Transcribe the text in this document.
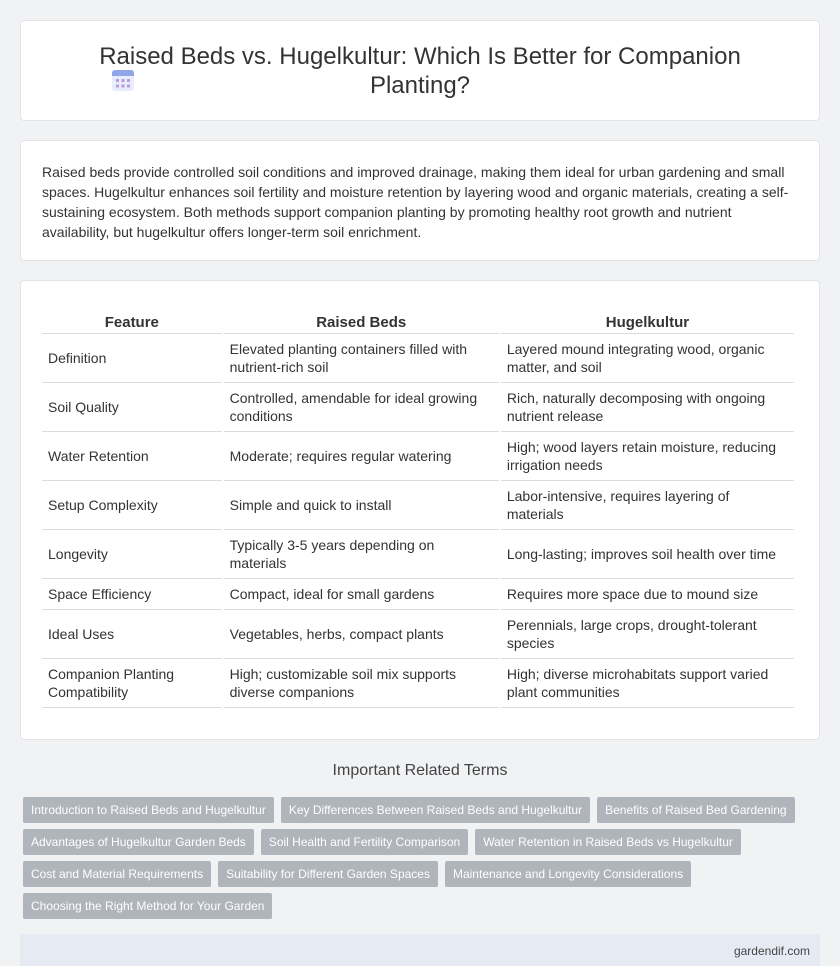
Raised Beds vs. Hugelkultur: Which Is Better for Companion Planting?

Raised beds provide controlled soil conditions and improved drainage, making them ideal for urban gardening and small spaces. Hugelkultur enhances soil fertility and moisture retention by layering wood and organic materials, creating a self-sustaining ecosystem. Both methods support companion planting by promoting healthy root growth and nutrient availability, but hugelkultur offers longer-term soil enrichment.

Feature	Raised Beds	Hugelkultur
Definition	Elevated planting containers filled with nutrient-rich soil	Layered mound integrating wood, organic matter, and soil
Soil Quality	Controlled, amendable for ideal growing conditions	Rich, naturally decomposing with ongoing nutrient release
Water Retention	Moderate; requires regular watering	High; wood layers retain moisture, reducing irrigation needs
Setup Complexity	Simple and quick to install	Labor-intensive, requires layering of materials
Longevity	Typically 3-5 years depending on materials	Long-lasting; improves soil health over time
Space Efficiency	Compact, ideal for small gardens	Requires more space due to mound size
Ideal Uses	Vegetables, herbs, compact plants	Perennials, large crops, drought-tolerant species
Companion Planting Compatibility	High; customizable soil mix supports diverse companions	High; diverse microhabitats support varied plant communities
Important Related Terms
Introduction to Raised Beds and Hugelkultur	Key Differences Between Raised Beds and Hugelkultur	Benefits of Raised Bed Gardening
Advantages of Hugelkultur Garden Beds	Soil Health and Fertility Comparison	Water Retention in Raised Beds vs Hugelkultur
Cost and Material Requirements	Suitability for Different Garden Spaces	Maintenance and Longevity Considerations
Choosing the Right Method for Your Garden
gardendif.com
